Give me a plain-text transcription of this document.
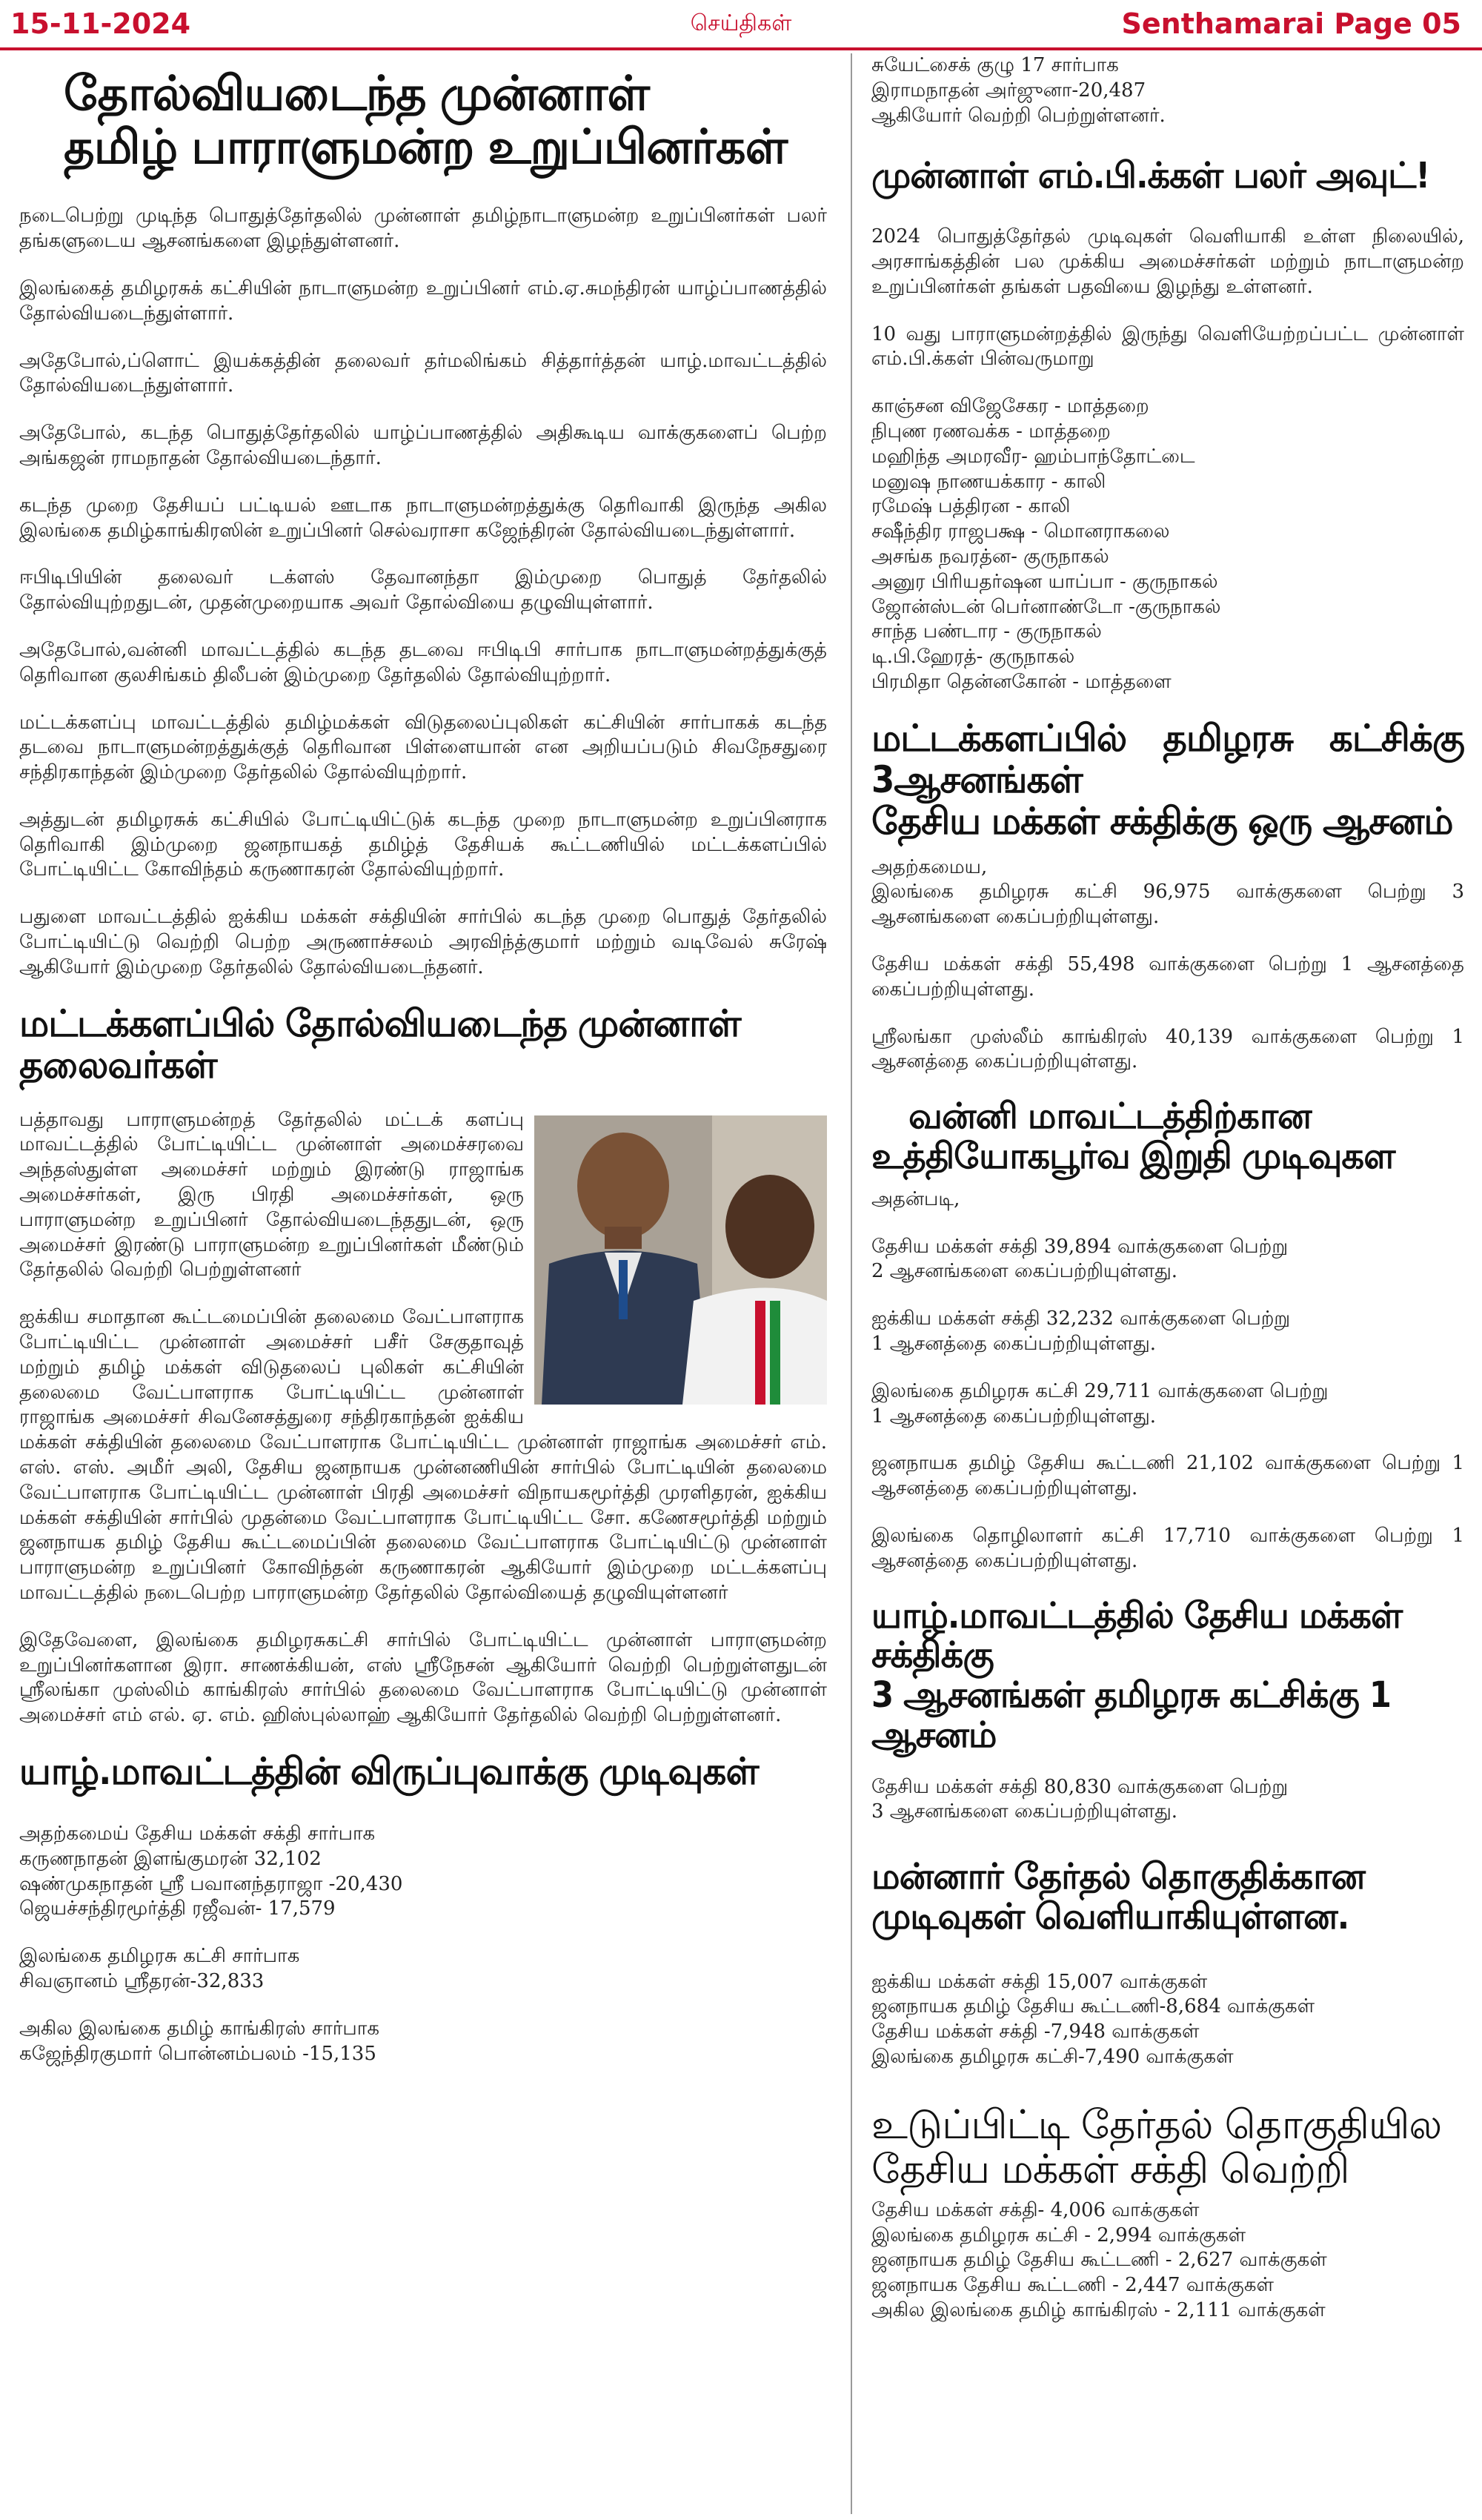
15-11-2024	செய்திகள்	Senthamarai Page 05
தோல்வியடைந்த முன்னாள்
தமிழ் பாராளுமன்ற உறுப்பினர்கள்
நடைபெற்று முடிந்த பொதுத்தேர்தலில் முன்னாள் தமிழ்நாடாளுமன்ற உறுப்பினர்கள் பலர் தங்களுடைய ஆசனங்களை இழந்துள்ளனர்.
இலங்கைத் தமிழரசுக் கட்சியின் நாடாளுமன்ற உறுப்பினர் எம்.ஏ.சுமந்திரன் யாழ்ப்பாணத்தில் தோல்வியடைந்துள்ளார்.
அதேபோல்,ப்ளொட் இயக்கத்தின் தலைவர் தர்மலிங்கம் சித்தார்த்தன் யாழ்.மாவட்டத்தில் தோல்வியடைந்துள்ளார்.
அதேபோல், கடந்த பொதுத்தேர்தலில் யாழ்ப்பாணத்தில் அதிகூடிய வாக்குகளைப் பெற்ற அங்கஜன் ராமநாதன் தோல்வியடைந்தார்.
கடந்த முறை தேசியப் பட்டியல் ஊடாக நாடாளுமன்றத்துக்கு தெரிவாகி இருந்த அகில இலங்கை தமிழ்காங்கிரஸின் உறுப்பினர் செல்வராசா கஜேந்திரன் தோல்வியடைந்துள்ளார்.
ஈபிடிபியின் தலைவர் டக்ளஸ் தேவானந்தா இம்முறை பொதுத் தேர்தலில் தோல்வியுற்றதுடன், முதன்முறையாக அவர் தோல்வியை தழுவியுள்ளார்.
அதேபோல்,வன்னி மாவட்டத்தில் கடந்த தடவை ஈபிடிபி சார்பாக நாடாளுமன்றத்துக்குத் தெரிவான குலசிங்கம் திலீபன் இம்முறை தேர்தலில் தோல்வியுற்றார்.
மட்டக்களப்பு மாவட்டத்தில் தமிழ்மக்கள் விடுதலைப்புலிகள் கட்சியின் சார்பாகக் கடந்த தடவை நாடாளுமன்றத்துக்குத் தெரிவான பிள்ளையான் என அறியப்படும் சிவநேசதுரை சந்திரகாந்தன் இம்முறை தேர்தலில் தோல்வியுற்றார்.
அத்துடன் தமிழரசுக் கட்சியில் போட்டியிட்டுக் கடந்த முறை நாடாளுமன்ற உறுப்பினராக தெரிவாகி இம்முறை ஜனநாயகத் தமிழ்த் தேசியக் கூட்டணியில் மட்டக்களப்பில் போட்டியிட்ட கோவிந்தம் கருணாகரன் தோல்வியுற்றார்.
பதுளை மாவட்டத்தில் ஐக்கிய மக்கள் சக்தியின் சார்பில் கடந்த முறை பொதுத் தேர்தலில் போட்டியிட்டு வெற்றி பெற்ற அருணாச்சலம் அரவிந்த்குமார் மற்றும் வடிவேல் சுரேஷ் ஆகியோர் இம்முறை தேர்தலில் தோல்வியடைந்தனர்.
மட்டக்களப்பில் தோல்வியடைந்த முன்னாள் தலைவர்கள்
பத்தாவது பாராளுமன்றத் தேர்தலில் மட்டக் களப்பு மாவட்டத்தில் போட்டியிட்ட முன்னாள் அமைச்சரவை அந்தஸ்துள்ள அமைச்சர் மற்றும் இரண்டு ராஜாங்க அமைச்சர்கள், இரு பிரதி அமைச்சர்கள், ஒரு பாராளுமன்ற உறுப்பினர் தோல்வியடைந்ததுடன், ஒரு அமைச்சர் இரண்டு பாராளுமன்ற உறுப்பினர்கள் மீண்டும் தேர்தலில் வெற்றி பெற்றுள்ளனர்
ஐக்கிய சமாதான கூட்டமைப்பின் தலைமை வேட்பாளராக போட்டியிட்ட முன்னாள் அமைச்சர் பசீர் சேகுதாவுத் மற்றும் தமிழ் மக்கள் விடுதலைப் புலிகள் கட்சியின் தலைமை வேட்பாளராக போட்டியிட்ட முன்னாள் ராஜாங்க அமைச்சர் சிவனேசத்துரை சந்திரகாந்தன் ஐக்கிய மக்கள் சக்தியின் தலைமை வேட்பாளராக போட்டியிட்ட முன்னாள் ராஜாங்க அமைச்சர் எம். எஸ். எஸ். அமீர் அலி, தேசிய ஜனநாயக முன்னணியின் சார்பில் போட்டியின் தலைமை வேட்பாளராக போட்டியிட்ட முன்னாள் பிரதி அமைச்சர் விநாயகமூர்த்தி முரளிதரன், ஐக்கிய மக்கள் சக்தியின் சார்பில் முதன்மை வேட்பாளராக போட்டியிட்ட சோ. கணேசமூர்த்தி மற்றும் ஜனநாயக தமிழ் தேசிய கூட்டமைப்பின் தலைமை வேட்பாளராக போட்டியிட்டு முன்னாள் பாராளுமன்ற உறுப்பினர் கோவிந்தன் கருணாகரன் ஆகியோர் இம்முறை மட்டக்களப்பு மாவட்டத்தில் நடைபெற்ற பாராளுமன்ற தேர்தலில் தோல்வியைத் தழுவியுள்ளனர்
இதேவேளை, இலங்கை தமிழரசுகட்சி சார்பில் போட்டியிட்ட முன்னாள் பாராளுமன்ற உறுப்பினர்களான இரா. சாணக்கியன், எஸ் ஸ்ரீநேசன் ஆகியோர் வெற்றி பெற்றுள்ளதுடன் ஸ்ரீலங்கா முஸ்லிம் காங்கிரஸ் சார்பில் தலைமை வேட்பாளராக போட்டியிட்டு முன்னாள் அமைச்சர் எம் எல். ஏ. எம். ஹிஸ்புல்லாஹ் ஆகியோர் தேர்தலில் வெற்றி பெற்றுள்ளனர்.
யாழ்.மாவட்டத்தின் விருப்புவாக்கு முடிவுகள்
அதற்கமைய் தேசிய மக்கள் சக்தி சார்பாக
கருணநாதன் இளங்குமரன் 32,102
ஷண்முகநாதன் ஸ்ரீ பவானந்தராஜா -20,430
ஜெயச்சந்திரமூர்த்தி ரஜீவன்- 17,579
இலங்கை தமிழரசு கட்சி சார்பாக
சிவஞானம் ஸ்ரீதரன்-32,833
அகில இலங்கை தமிழ் காங்கிரஸ் சார்பாக
கஜேந்திரகுமார் பொன்னம்பலம் -15,135
சுயேட்சைக் குழு 17 சார்பாக
இராமநாதன் அர்ஜுனா-20,487
ஆகியோர் வெற்றி பெற்றுள்ளனர்.
முன்னாள் எம்.பி.க்கள் பலர் அவுட்!
2024 பொதுத்தேர்தல் முடிவுகள் வெளியாகி உள்ள நிலையில், அரசாங்கத்தின் பல முக்கிய அமைச்சர்கள் மற்றும் நாடாளுமன்ற உறுப்பினர்கள் தங்கள் பதவியை இழந்து உள்ளனர்.
10 வது பாராளுமன்றத்தில் இருந்து வெளியேற்றப்பட்ட முன்னாள் எம்.பி.க்கள் பின்வருமாறு
காஞ்சன விஜேசேகர - மாத்தறை
நிபுண ரணவக்க - மாத்தறை
மஹிந்த அமரவீர- ஹம்பாந்தோட்டை
மனுஷ நாணயக்கார - காலி
ரமேஷ் பத்திரன - காலி
சஷீந்திர ராஜபக்ஷ - மொனராகலை
அசங்க நவரத்ன- குருநாகல்
அனுர பிரியதர்ஷன யாப்பா - குருநாகல்
ஜோன்ஸ்டன் பெர்னாண்டோ -குருநாகல்
சாந்த பண்டார - குருநாகல்
டி.பி.ஹேரத்- குருநாகல்
பிரமிதா தென்னகோன் - மாத்தளை
மட்டக்களப்பில் தமிழரசு கட்சிக்கு
3ஆசனங்கள்
தேசிய மக்கள் சக்திக்கு ஒரு ஆசனம்
அதற்கமைய,
இலங்கை தமிழரசு கட்சி 96,975 வாக்குகளை பெற்று 3 ஆசனங்களை கைப்பற்றியுள்ளது.
தேசிய மக்கள் சக்தி 55,498 வாக்குகளை பெற்று 1 ஆசனத்தை கைப்பற்றியுள்ளது.
ஸ்ரீலங்கா முஸ்லீம் காங்கிரஸ் 40,139 வாக்குகளை பெற்று 1 ஆசனத்தை கைப்பற்றியுள்ளது.
வன்னி மாவட்டத்திற்கான
உத்தியோகபூர்வ இறுதி முடிவுகள
அதன்படி,
தேசிய மக்கள் சக்தி 39,894 வாக்குகளை பெற்று
2 ஆசனங்களை கைப்பற்றியுள்ளது.
ஐக்கிய மக்கள் சக்தி 32,232 வாக்குகளை பெற்று
1 ஆசனத்தை கைப்பற்றியுள்ளது.
இலங்கை தமிழரசு கட்சி 29,711 வாக்குகளை பெற்று
1 ஆசனத்தை கைப்பற்றியுள்ளது.
ஜனநாயக தமிழ் தேசிய கூட்டணி 21,102 வாக்குகளை பெற்று 1 ஆசனத்தை கைப்பற்றியுள்ளது.
இலங்கை தொழிலாளர் கட்சி 17,710 வாக்குகளை பெற்று 1 ஆசனத்தை கைப்பற்றியுள்ளது.
யாழ்.மாவட்டத்தில் தேசிய மக்கள் சக்திக்கு
3 ஆசனங்கள் தமிழரசு கட்சிக்கு 1 ஆசனம்
தேசிய மக்கள் சக்தி 80,830 வாக்குகளை பெற்று
3 ஆசனங்களை கைப்பற்றியுள்ளது.
மன்னார் தேர்தல் தொகுதிக்கான
முடிவுகள் வெளியாகியுள்ளன.
ஐக்கிய மக்கள் சக்தி 15,007 வாக்குகள்
ஜனநாயக தமிழ் தேசிய கூட்டணி-8,684 வாக்குகள்
தேசிய மக்கள் சக்தி -7,948 வாக்குகள்
இலங்கை தமிழரசு கட்சி-7,490 வாக்குகள்
உடுப்பிட்டி தேர்தல் தொகுதியில
தேசிய மக்கள் சக்தி வெற்றி
தேசிய மக்கள் சக்தி- 4,006 வாக்குகள்
இலங்கை தமிழரசு கட்சி - 2,994 வாக்குகள்
ஜனநாயக தமிழ் தேசிய கூட்டணி - 2,627 வாக்குகள்
ஜனநாயக தேசிய கூட்டணி - 2,447 வாக்குகள்
அகில இலங்கை தமிழ் காங்கிரஸ் - 2,111 வாக்குகள்
